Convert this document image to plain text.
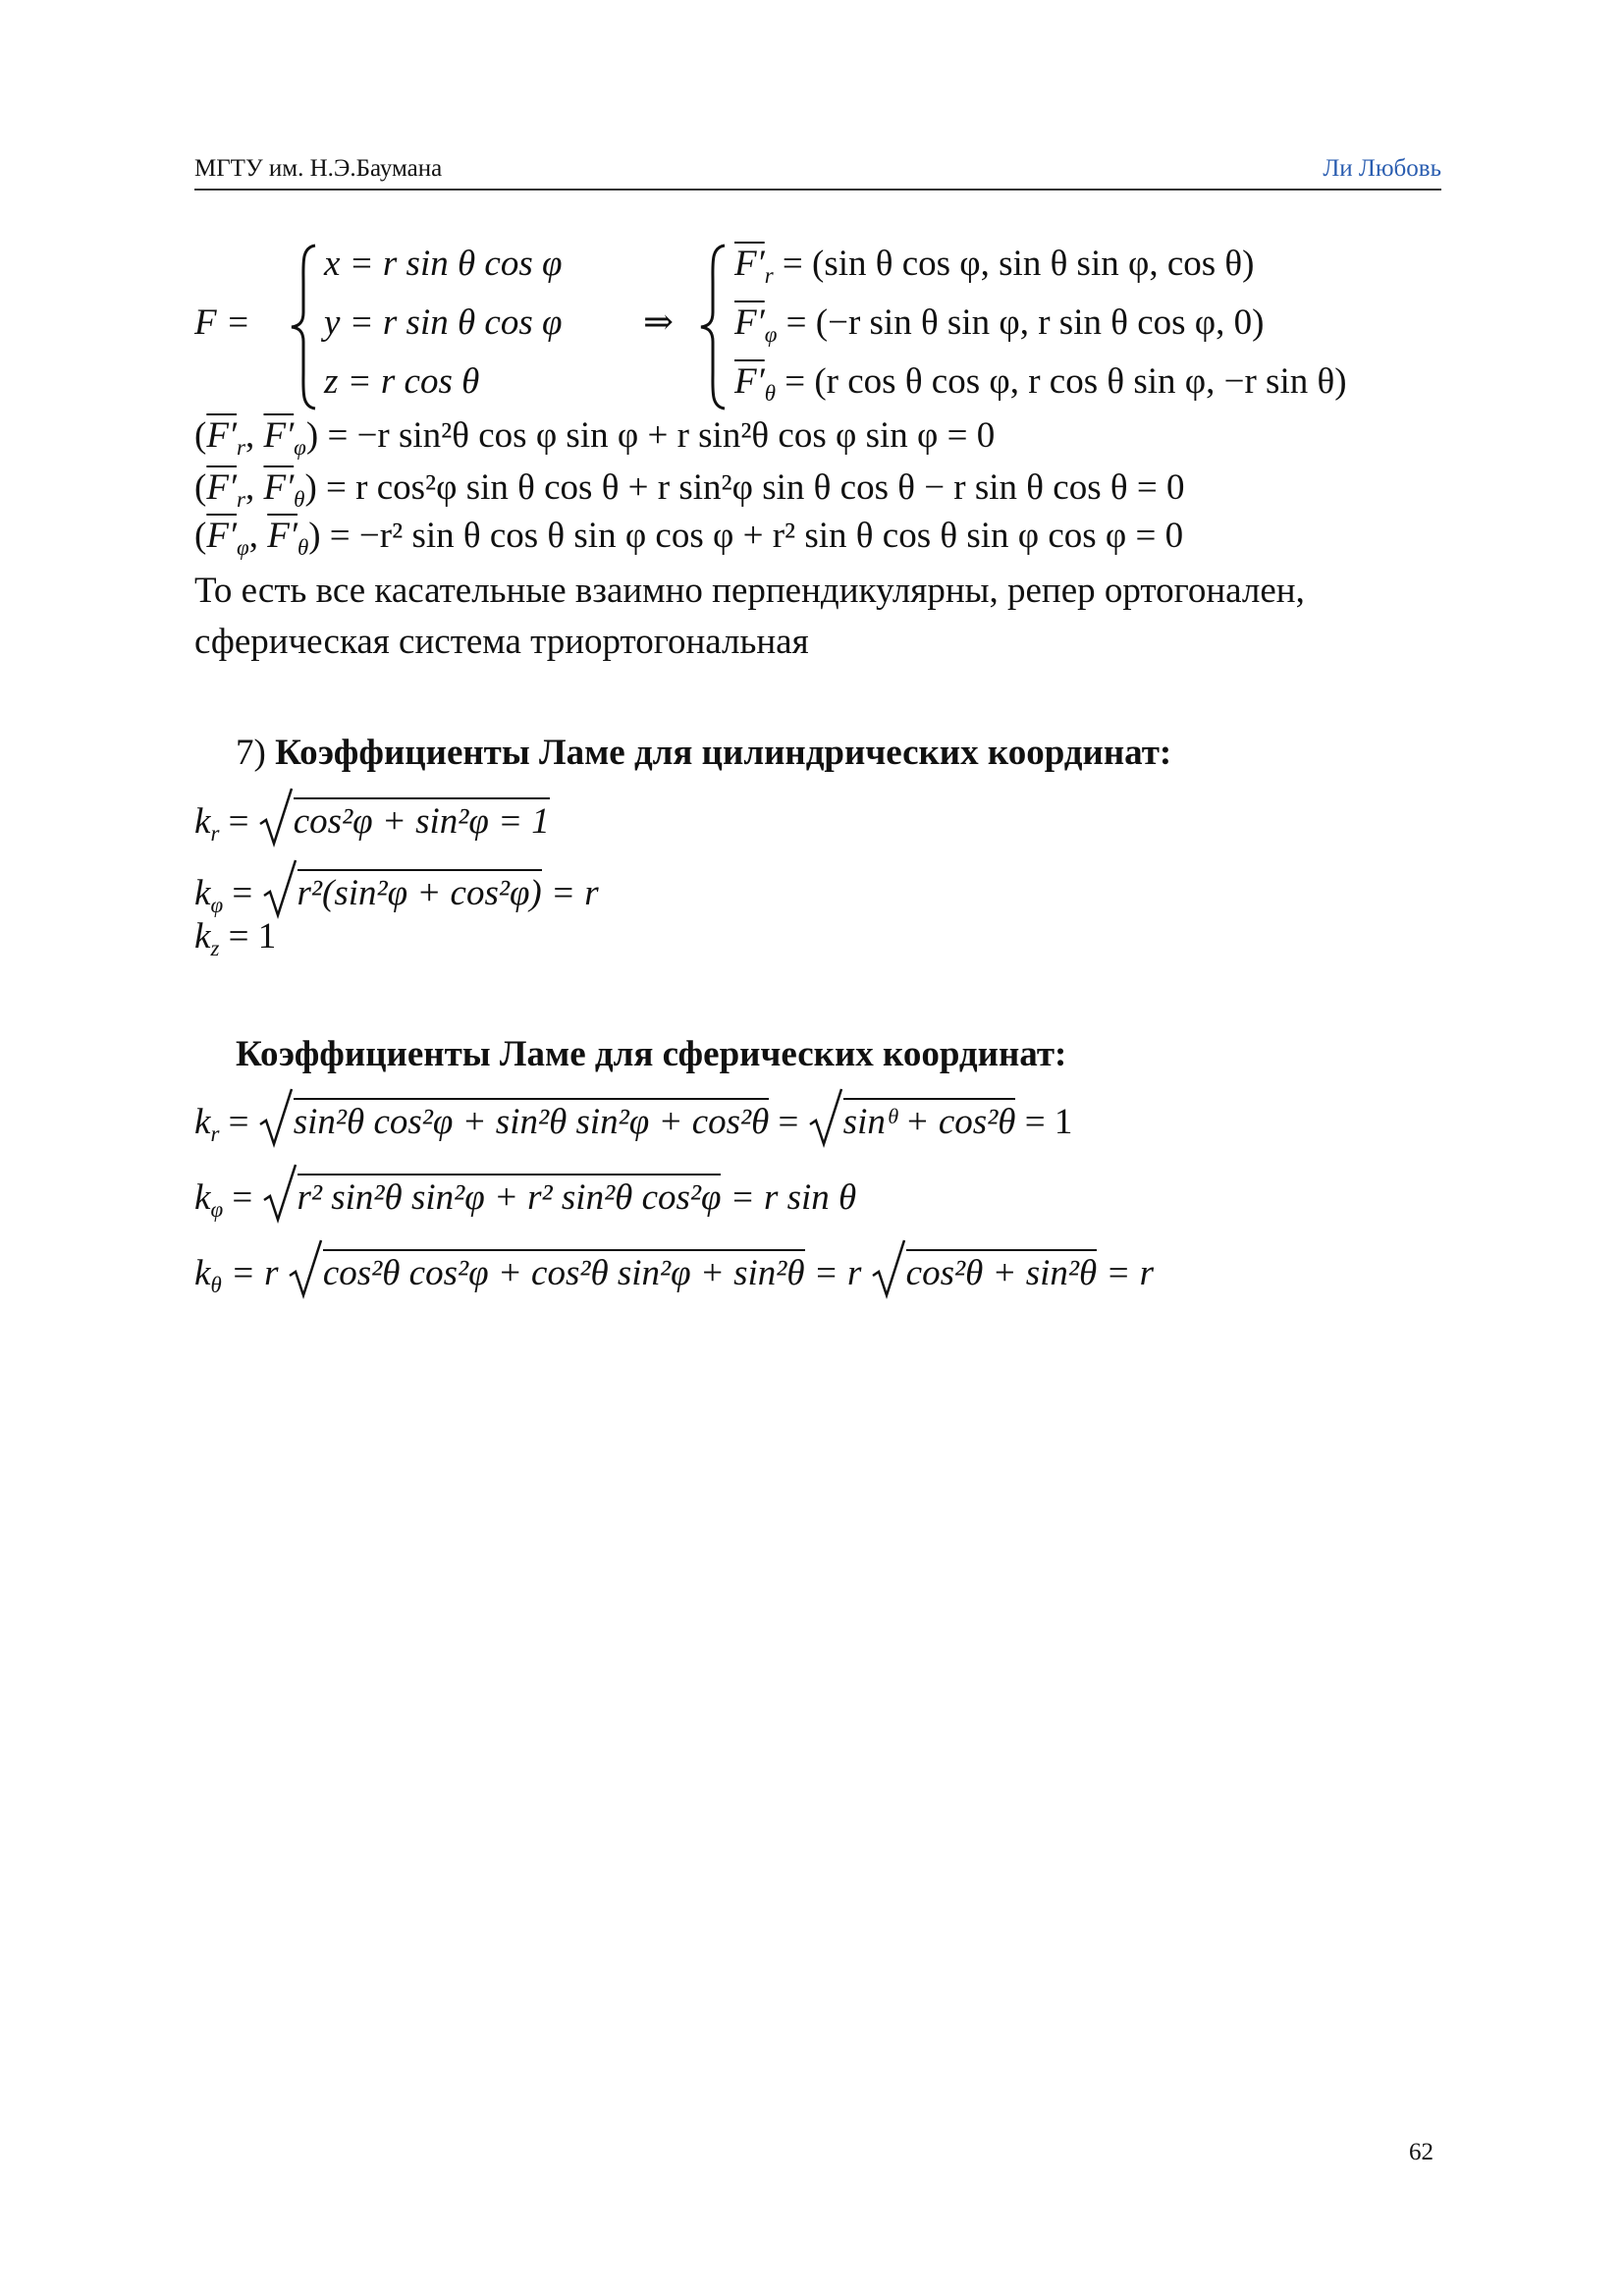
МГТУ им. Н.Э.Баумана	Ли Любовь
F =
x = r sin θ cos φ
y = r sin θ cos φ
z = r cos θ
⇒
$F'_r = (\sin$ θ cos φ, sin θ sin φ, cos θ)
$F'_\varphi = (-r$ sin θ sin φ, r sin θ cos φ, 0)
$F'_\theta = (r$ cos θ cos φ, r cos θ sin φ, −r sin θ)
($F'_r$, $F'_\varphi) = -r$ sin²θ cos φ sin φ + r sin²θ cos φ sin φ = 0
($F'_r$, $F'_\theta) = r$ cos²φ sin θ cos θ + r sin²φ sin θ cos θ − r sin θ cos θ = 0
($F'_\varphi$, $F'_\theta) = -r^2$ sin θ cos θ sin φ cos φ + r² sin θ cos θ sin φ cos φ = 0
То есть все касательные взаимно перпендикулярны, репер ортогонален,
сферическая система триортогональная
7) Коэффициенты Ламе для цилиндрических координат:
$k_r$ =
cos²φ + sin²φ = 1
$k_\varphi$ =
r²(sin²φ + cos²φ) = r
$k_z = 1$
Коэффициенты Ламе для сферических координат:
$k_r$ =
sin²θ cos²φ + sin²θ sin²φ + cos²θ = sinᶿ + cos²θ = 1
$k_\varphi$ =
r² sin²θ sin²φ + r² sin²θ cos²φ = r sin θ
$k_\theta = r$ cos²θ cos²φ + cos²θ sin²φ + sin²θ = r cos²θ + sin²θ = r
62
